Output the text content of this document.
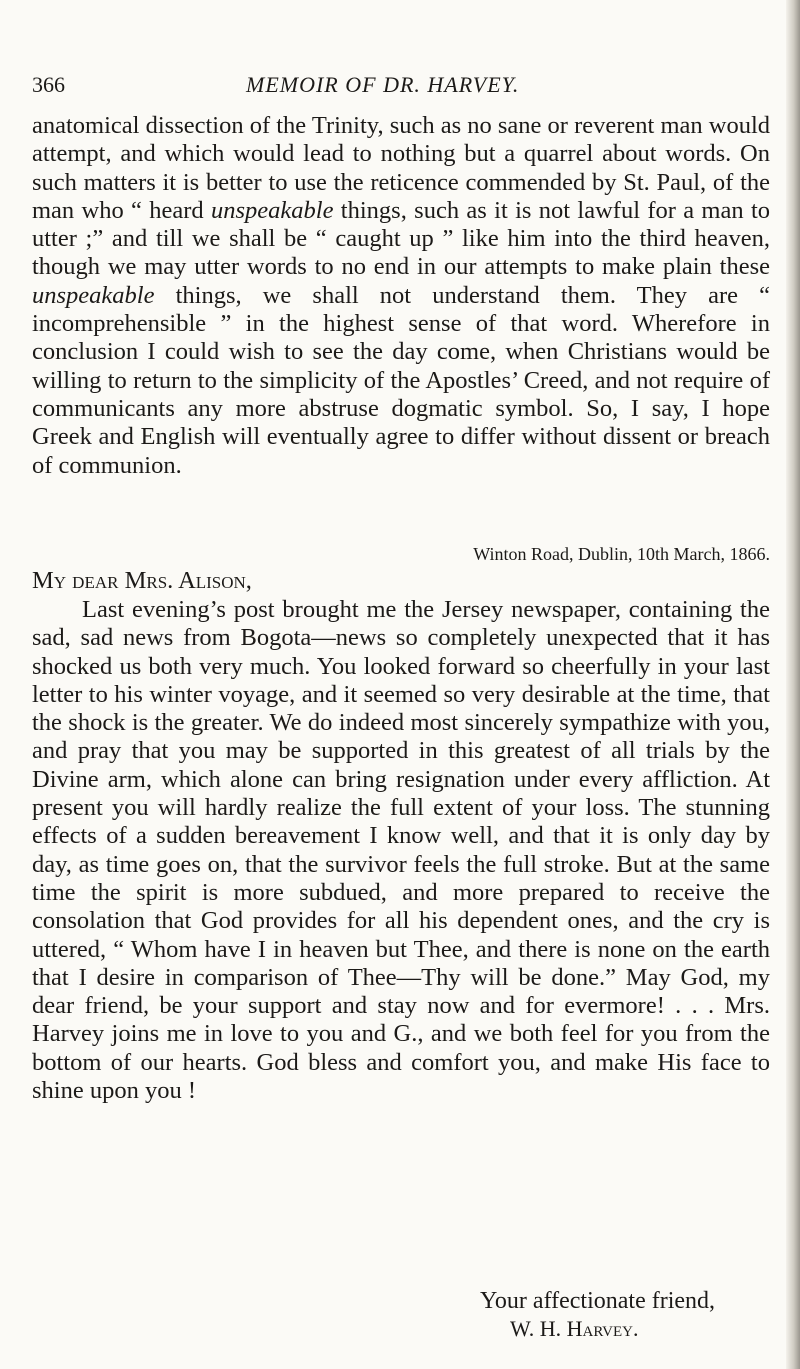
366	MEMOIR OF DR. HARVEY.

anatomical dissection of the Trinity, such as no sane or reverent man would attempt, and which would lead to nothing but a quarrel about words. On such matters it is better to use the reticence commended by St. Paul, of the man who “ heard unspeakable things, such as it is not lawful for a man to utter ;” and till we shall be “ caught up ” like him into the third heaven, though we may utter words to no end in our attempts to make plain these unspeakable things, we shall not understand them. They are “ incomprehensible ” in the highest sense of that word. Wherefore in conclusion I could wish to see the day come, when Christians would be willing to return to the simplicity of the Apostles’ Creed, and not require of communicants any more abstruse dogmatic symbol. So, I say, I hope Greek and English will eventually agree to differ without dissent or breach of communion.

Winton Road, Dublin, 10th March, 1866.
My dear Mrs. Alison,

Last evening’s post brought me the Jersey newspaper, containing the sad, sad news from Bogota—news so completely unexpected that it has shocked us both very much. You looked forward so cheerfully in your last letter to his winter voyage, and it seemed so very desirable at the time, that the shock is the greater. We do indeed most sincerely sympathize with you, and pray that you may be supported in this greatest of all trials by the Divine arm, which alone can bring resignation under every affliction. At present you will hardly realize the full extent of your loss. The stunning effects of a sudden bereavement I know well, and that it is only day by day, as time goes on, that the survivor feels the full stroke. But at the same time the spirit is more subdued, and more prepared to receive the consolation that God provides for all his dependent ones, and the cry is uttered, “ Whom have I in heaven but Thee, and there is none on the earth that I desire in comparison of Thee—Thy will be done.” May God, my dear friend, be your support and stay now and for evermore! . . . Mrs. Harvey joins me in love to you and G., and we both feel for you from the bottom of our hearts. God bless and comfort you, and make His face to shine upon you !

Your affectionate friend,
W. H. Harvey.
